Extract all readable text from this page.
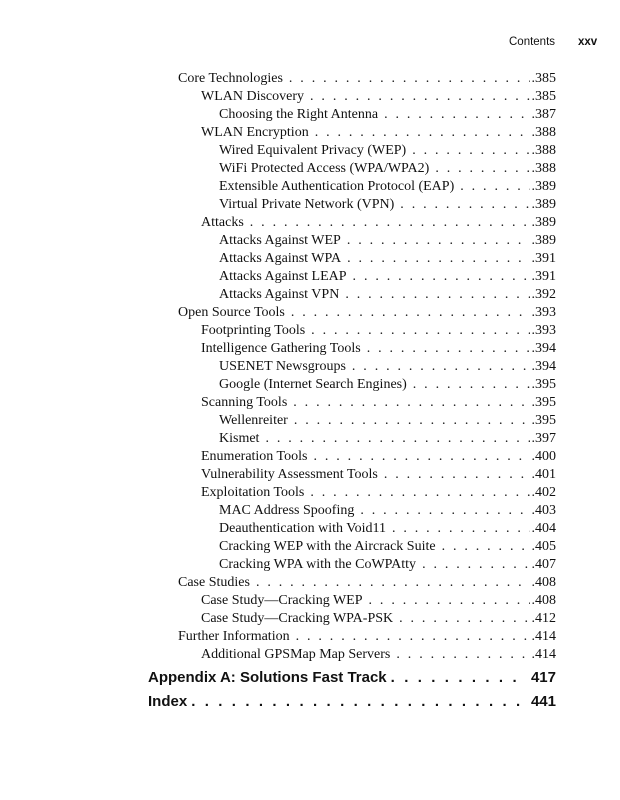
Contents xxv
Core Technologies . . .	.385
WLAN Discovery . . .	.385
Choosing the Right Antenna . . .	.387
WLAN Encryption . . .	.388
Wired Equivalent Privacy (WEP) . . .	.388
WiFi Protected Access (WPA/WPA2) . . .	.388
Extensible Authentication Protocol (EAP) . . .	.389
Virtual Private Network (VPN) . . .	.389
Attacks . . .	.389
Attacks Against WEP . . .	.389
Attacks Against WPA . . .	.391
Attacks Against LEAP . . .	.391
Attacks Against VPN . . .	.392
Open Source Tools . . .	.393
Footprinting Tools . . .	.393
Intelligence Gathering Tools . . .	.394
USENET Newsgroups . . .	.394
Google (Internet Search Engines) . . .	.395
Scanning Tools . . .	.395
Wellenreiter . . .	.395
Kismet . . .	.397
Enumeration Tools . . .	.400
Vulnerability Assessment Tools . . .	.401
Exploitation Tools . . .	.402
MAC Address Spoofing . . .	.403
Deauthentication with Void11 . . .	.404
Cracking WEP with the Aircrack Suite . . .	.405
Cracking WPA with the CoWPAtty . . .	.407
Case Studies . . .	.408
Case Study—Cracking WEP . . .	.408
Case Study—Cracking WPA-PSK . . .	.412
Further Information . . .	.414
Additional GPSMap Map Servers . . .	.414
Appendix A: Solutions Fast Track . . .	417
Index . . .	441
